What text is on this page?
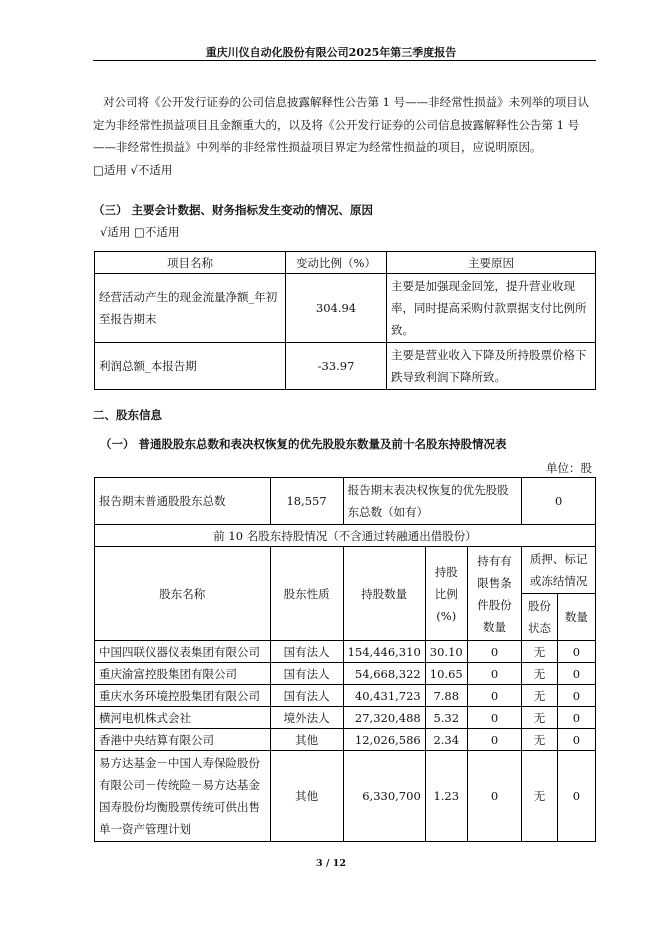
重庆川仪自动化股份有限公司2025年第三季度报告
对公司将《公开发行证券的公司信息披露解释性公告第 1 号——非经常性损益》未列举的项目认
定为非经常性损益项目且金额重大的，以及将《公开发行证券的公司信息披露解释性公告第 1 号
——非经常性损益》中列举的非经常性损益项目界定为经常性损益的项目，应说明原因。
□适用 √不适用
（三） 主要会计数据、财务指标发生变动的情况、原因
√适用 □不适用
项目名称	变动比例（%）	主要原因
经营活动产生的现金流量净额_年初至报告期末	304.94	主要是加强现金回笼，提升营业收现率，同时提高采购付款票据支付比例所致。
利润总额_本报告期	-33.97	主要是营业收入下降及所持股票价格下跌导致利润下降所致。
二、股东信息
（一） 普通股股东总数和表决权恢复的优先股股东数量及前十名股东持股情况表
单位：股
报告期末普通股股东总数	18,557	报告期末表决权恢复的优先股股东总数（如有）			0	
前 10 名股东持股情况（不含通过转融通出借股份）						
股东名称	股东性质	持股数量	持股比例(%)	持有有限售条件股份数量	质押、标记或冻结情况	
					股份状态	数量
中国四联仪器仪表集团有限公司	国有法人	154,446,310	30.10	0	无	0
重庆渝富控股集团有限公司	国有法人	54,668,322	10.65	0	无	0
重庆水务环境控股集团有限公司	国有法人	40,431,723	7.88	0	无	0
横河电机株式会社	境外法人	27,320,488	5.32	0	无	0
香港中央结算有限公司	其他	12,026,586	2.34	0	无	0
易方达基金－中国人寿保险股份有限公司－传统险－易方达基金国寿股份均衡股票传统可供出售单一资产管理计划	其他	6,330,700	1.23	0	无	0
3 / 12
